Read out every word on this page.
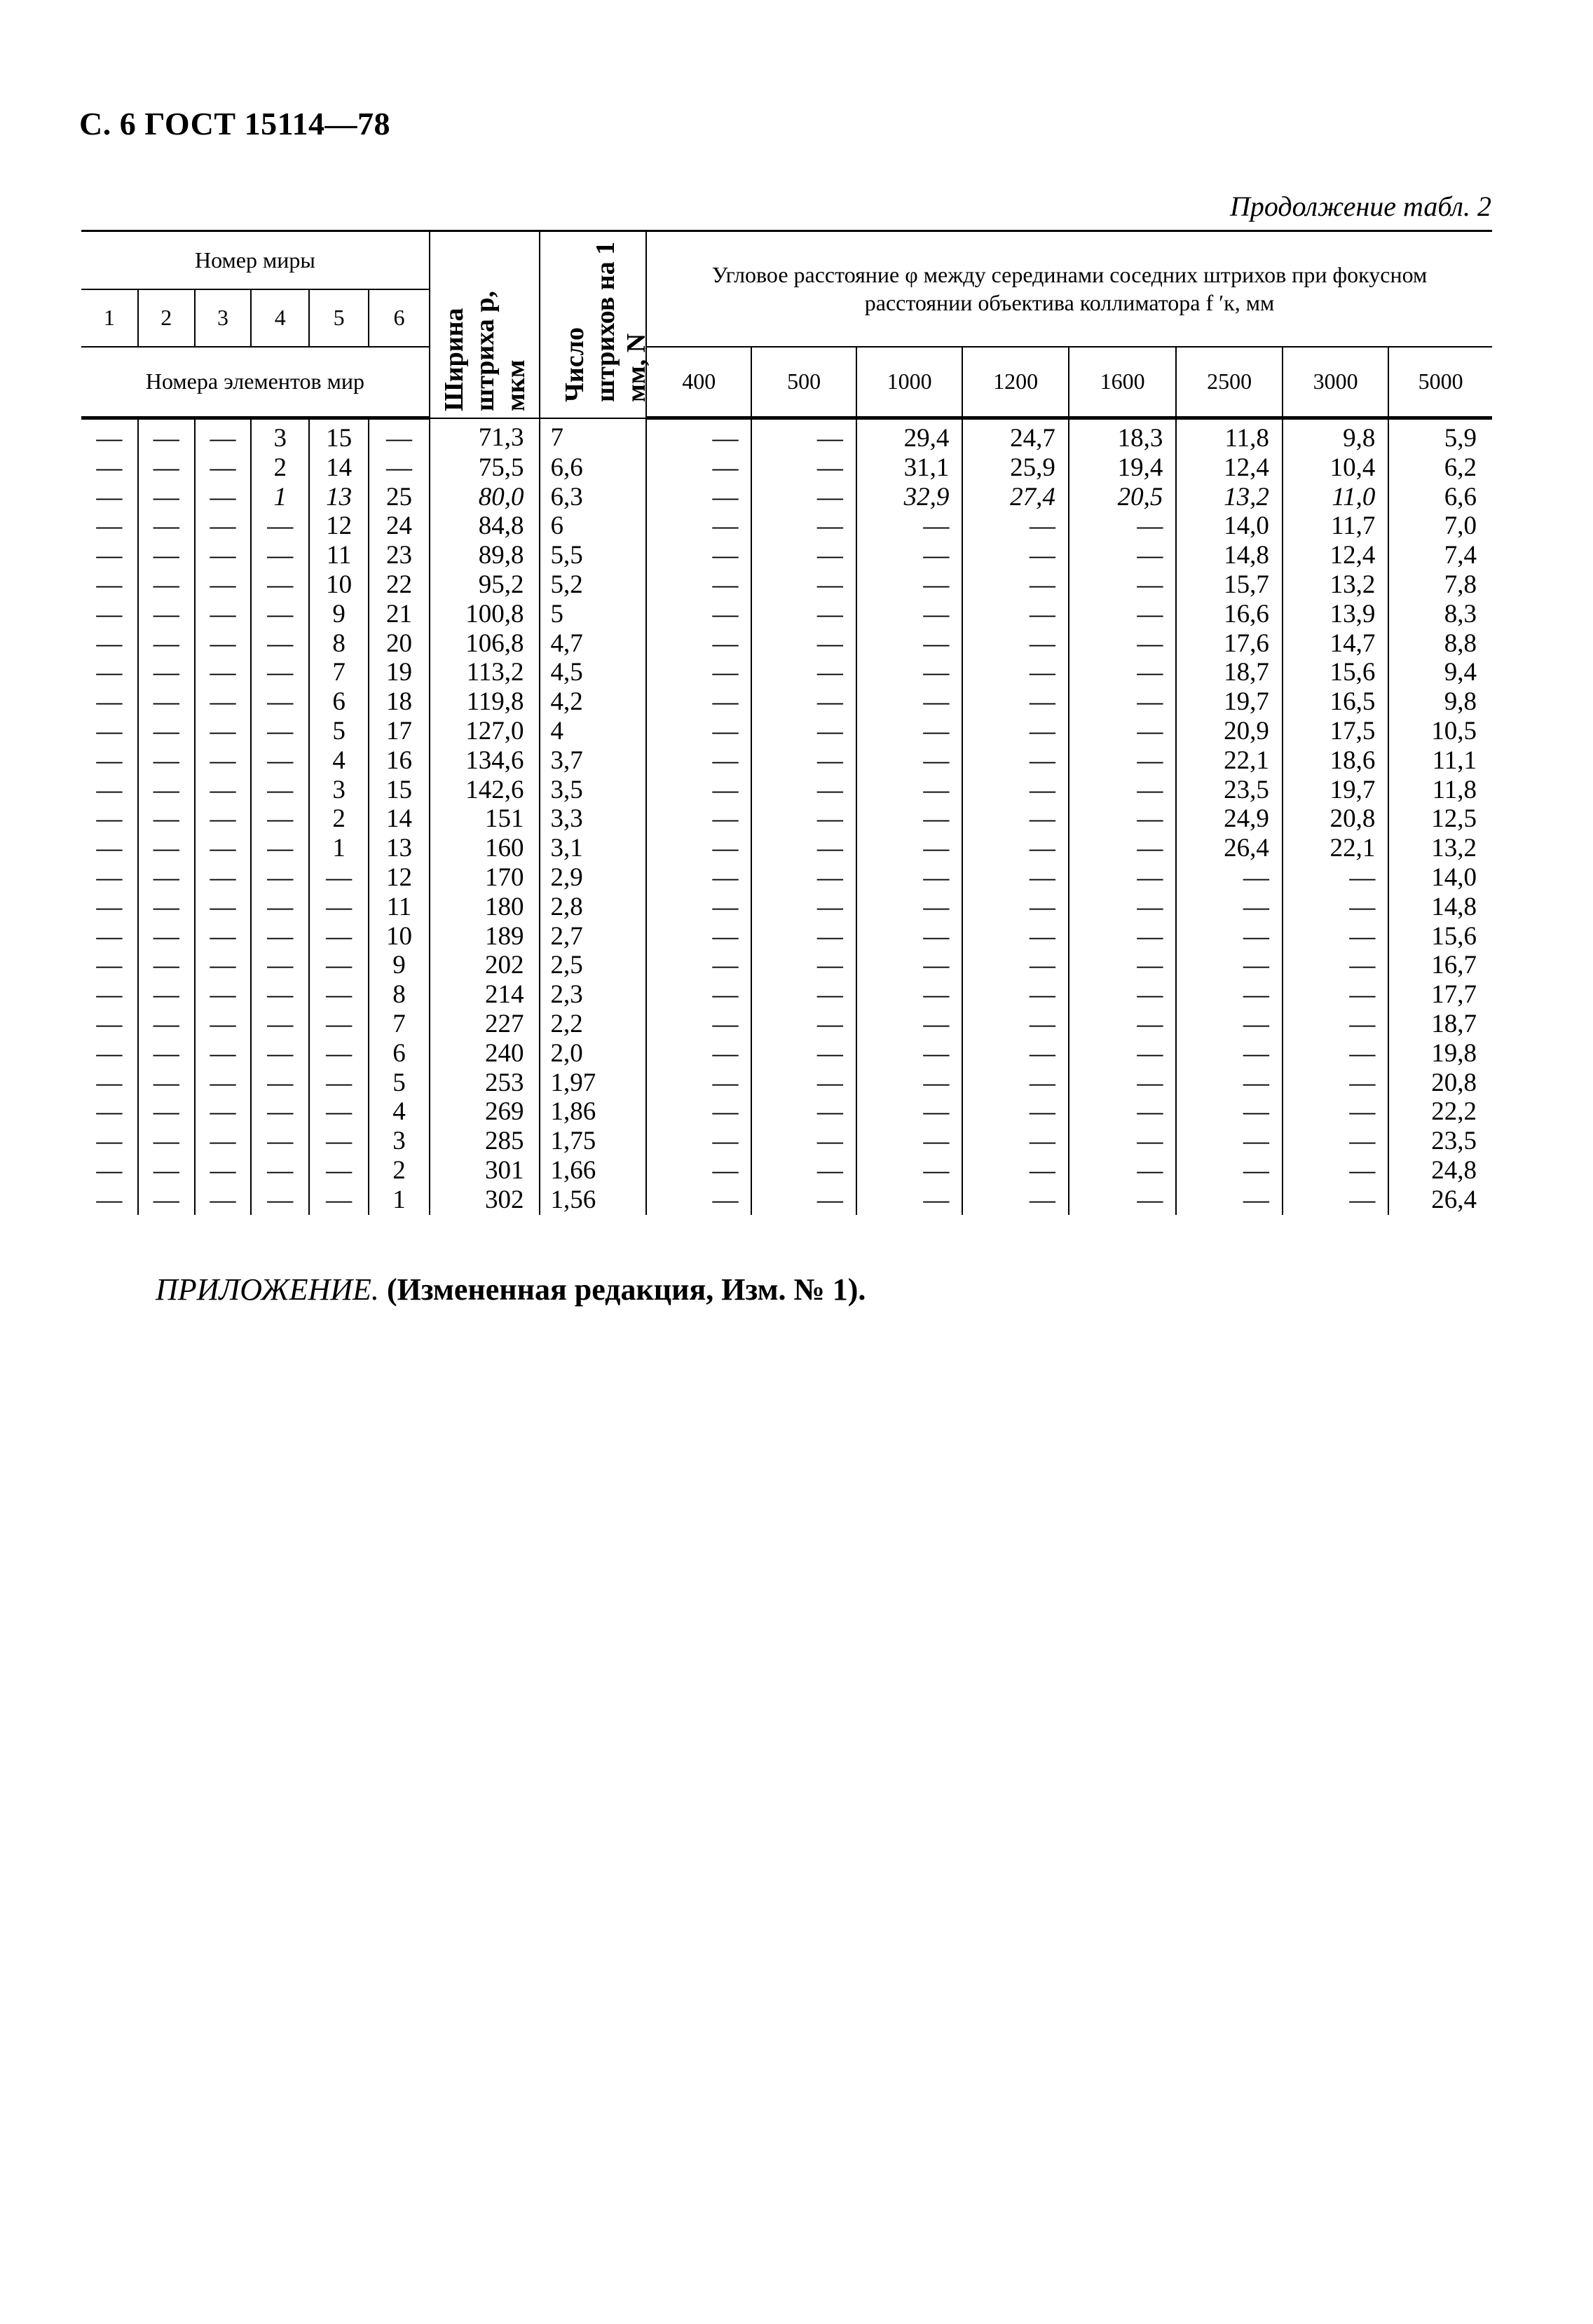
С. 6 ГОСТ 15114—78
Продолжение табл. 2
Номер миры						Ширина штриха p, мкм	Число штрихов на 1 мм, N	Угловое расстояние φ между серединами соседних штрихов при фокусном расстоянии объектива коллиматора f ′к, мм							
1	2	3	4	5	6										
Номера элементов мир								400	500	1000	1200	1600	2500	3000	5000
—	—	—	3	15	—	71,3	7	—	—	29,4	24,7	18,3	11,8	9,8	5,9
—	—	—	2	14	—	75,5	6,6	—	—	31,1	25,9	19,4	12,4	10,4	6,2
—	—	—	1	13	25	80,0	6,3	—	—	32,9	27,4	20,5	13,2	11,0	6,6
—	—	—	—	12	24	84,8	6	—	—	—	—	—	14,0	11,7	7,0
—	—	—	—	11	23	89,8	5,5	—	—	—	—	—	14,8	12,4	7,4
—	—	—	—	10	22	95,2	5,2	—	—	—	—	—	15,7	13,2	7,8
—	—	—	—	9	21	100,8	5	—	—	—	—	—	16,6	13,9	8,3
—	—	—	—	8	20	106,8	4,7	—	—	—	—	—	17,6	14,7	8,8
—	—	—	—	7	19	113,2	4,5	—	—	—	—	—	18,7	15,6	9,4
—	—	—	—	6	18	119,8	4,2	—	—	—	—	—	19,7	16,5	9,8
—	—	—	—	5	17	127,0	4	—	—	—	—	—	20,9	17,5	10,5
—	—	—	—	4	16	134,6	3,7	—	—	—	—	—	22,1	18,6	11,1
—	—	—	—	3	15	142,6	3,5	—	—	—	—	—	23,5	19,7	11,8
—	—	—	—	2	14	151	3,3	—	—	—	—	—	24,9	20,8	12,5
—	—	—	—	1	13	160	3,1	—	—	—	—	—	26,4	22,1	13,2
—	—	—	—	—	12	170	2,9	—	—	—	—	—	—	—	14,0
—	—	—	—	—	11	180	2,8	—	—	—	—	—	—	—	14,8
—	—	—	—	—	10	189	2,7	—	—	—	—	—	—	—	15,6
—	—	—	—	—	9	202	2,5	—	—	—	—	—	—	—	16,7
—	—	—	—	—	8	214	2,3	—	—	—	—	—	—	—	17,7
—	—	—	—	—	7	227	2,2	—	—	—	—	—	—	—	18,7
—	—	—	—	—	6	240	2,0	—	—	—	—	—	—	—	19,8
—	—	—	—	—	5	253	1,97	—	—	—	—	—	—	—	20,8
—	—	—	—	—	4	269	1,86	—	—	—	—	—	—	—	22,2
—	—	—	—	—	3	285	1,75	—	—	—	—	—	—	—	23,5
—	—	—	—	—	2	301	1,66	—	—	—	—	—	—	—	24,8
—	—	—	—	—	1	302	1,56	—	—	—	—	—	—	—	26,4
ПРИЛОЖЕНИЕ. (Измененная редакция, Изм. № 1).
